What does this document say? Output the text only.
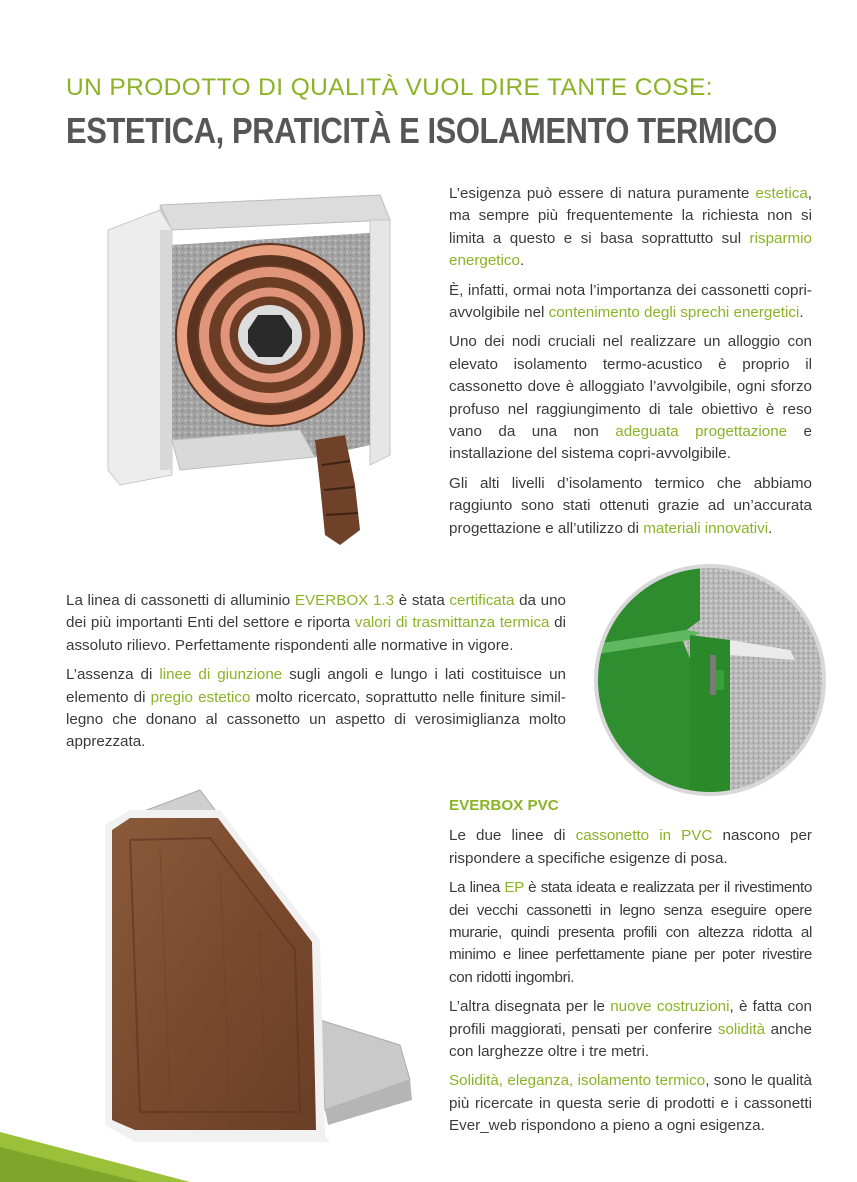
UN PRODOTTO DI QUALITÀ VUOL DIRE TANTE COSE:
ESTETICA, PRATICITÀ E ISOLAMENTO TERMICO

L’esigenza può essere di natura puramente estetica, ma sempre più frequentemente la richiesta non si limita a questo e si basa soprattutto sul risparmio energetico.

È, infatti, ormai nota l’importanza dei cassonetti copri-avvolgibile nel contenimento degli sprechi energetici.

Uno dei nodi cruciali nel realizzare un alloggio con elevato isolamento termo-acustico è proprio il cassonetto dove è alloggiato l’avvolgibile, ogni sforzo profuso nel raggiungimento di tale obiettivo è reso vano da una non adeguata progettazione e installazione del sistema copri-avvolgibile.

Gli alti livelli d’isolamento termico che abbiamo raggiunto sono stati ottenuti grazie ad un’accurata progettazione e all’utilizzo di materiali innovativi.

La linea di cassonetti di alluminio EVERBOX 1.3 è stata certificata da uno dei più importanti Enti del settore e riporta valori di trasmittanza termica di assoluto rilievo. Perfettamente rispondenti alle normative in vigore.

L’assenza di linee di giunzione sugli angoli e lungo i lati costituisce un elemento di pregio estetico molto ricercato, soprattutto nelle finiture simil-legno che donano al cassonetto un aspetto di verosimiglianza molto apprezzata.

EVERBOX PVC

Le due linee di cassonetto in PVC nascono per rispondere a specifiche esigenze di posa.

La linea EP è stata ideata e realizzata per il rivestimento dei vecchi cassonetti in legno senza eseguire opere murarie, quindi presenta profili con altezza ridotta al minimo e linee perfettamente piane per poter rivestire con ridotti ingombri.

L’altra disegnata per le nuove costruzioni, è fatta con profili maggiorati, pensati per conferire solidità anche con larghezze oltre i tre metri.

Solidità, eleganza, isolamento termico, sono le qualità più ricercate in questa serie di prodotti e i cassonetti Ever_web rispondono a pieno a ogni esigenza.
